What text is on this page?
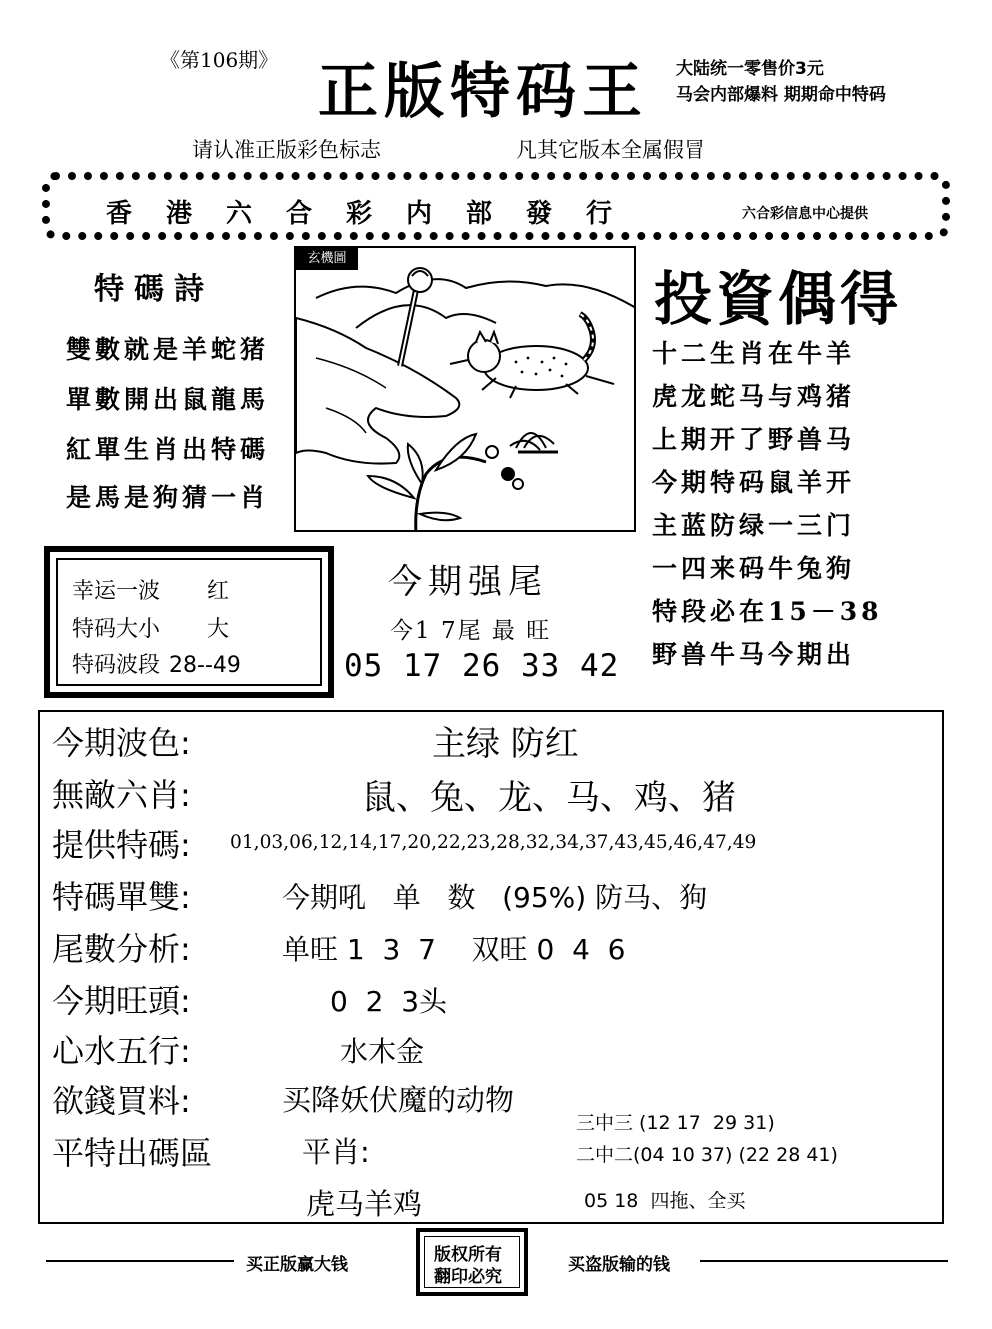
《第106期》 正版特码王 大陆统一零售价3元
马会内部爆料 期期命中特码
请认准正版彩色标志	凡其它版本全属假冒
香港六合彩内部發行	六合彩信息中心提供
特碼詩
雙數就是羊蛇猪
單數開出鼠龍馬
紅單生肖出特碼
是馬是狗猜一肖
玄機圖
投資偶得
十二生肖在牛羊
虎龙蛇马与鸡猪
上期开了野兽马
今期特码鼠羊开
主蓝防绿一三门
一四来码牛兔狗
特段必在15－38
野兽牛马今期出
幸运一波 红
特码大小 大
特码波段 28--49
今期强尾
今1 7尾 最 旺
05 17 26 33 42
今期波色:	主绿 防红
無敵六肖:	鼠、兔、龙、马、鸡、猪
提供特碼: 01,03,06,12,14,17,20,22,23,28,32,34,37,43,45,46,47,49
特碼單雙:	今期吼   单   数   (95%) 防马、狗
尾數分析:	单旺 1  3  7    双旺 0  4  6
今期旺頭:	0  2  3头
心水五行:	水木金
欲錢買料:	买降妖伏魔的动物
平特出碼區	平肖:
虎马羊鸡
三中三 (12 17  29 31)
二中二(04 10 37) (22 28 41)
05 18  四拖、全买
买正版赢大钱	买盗版输的钱
版权所有
翻印必究
